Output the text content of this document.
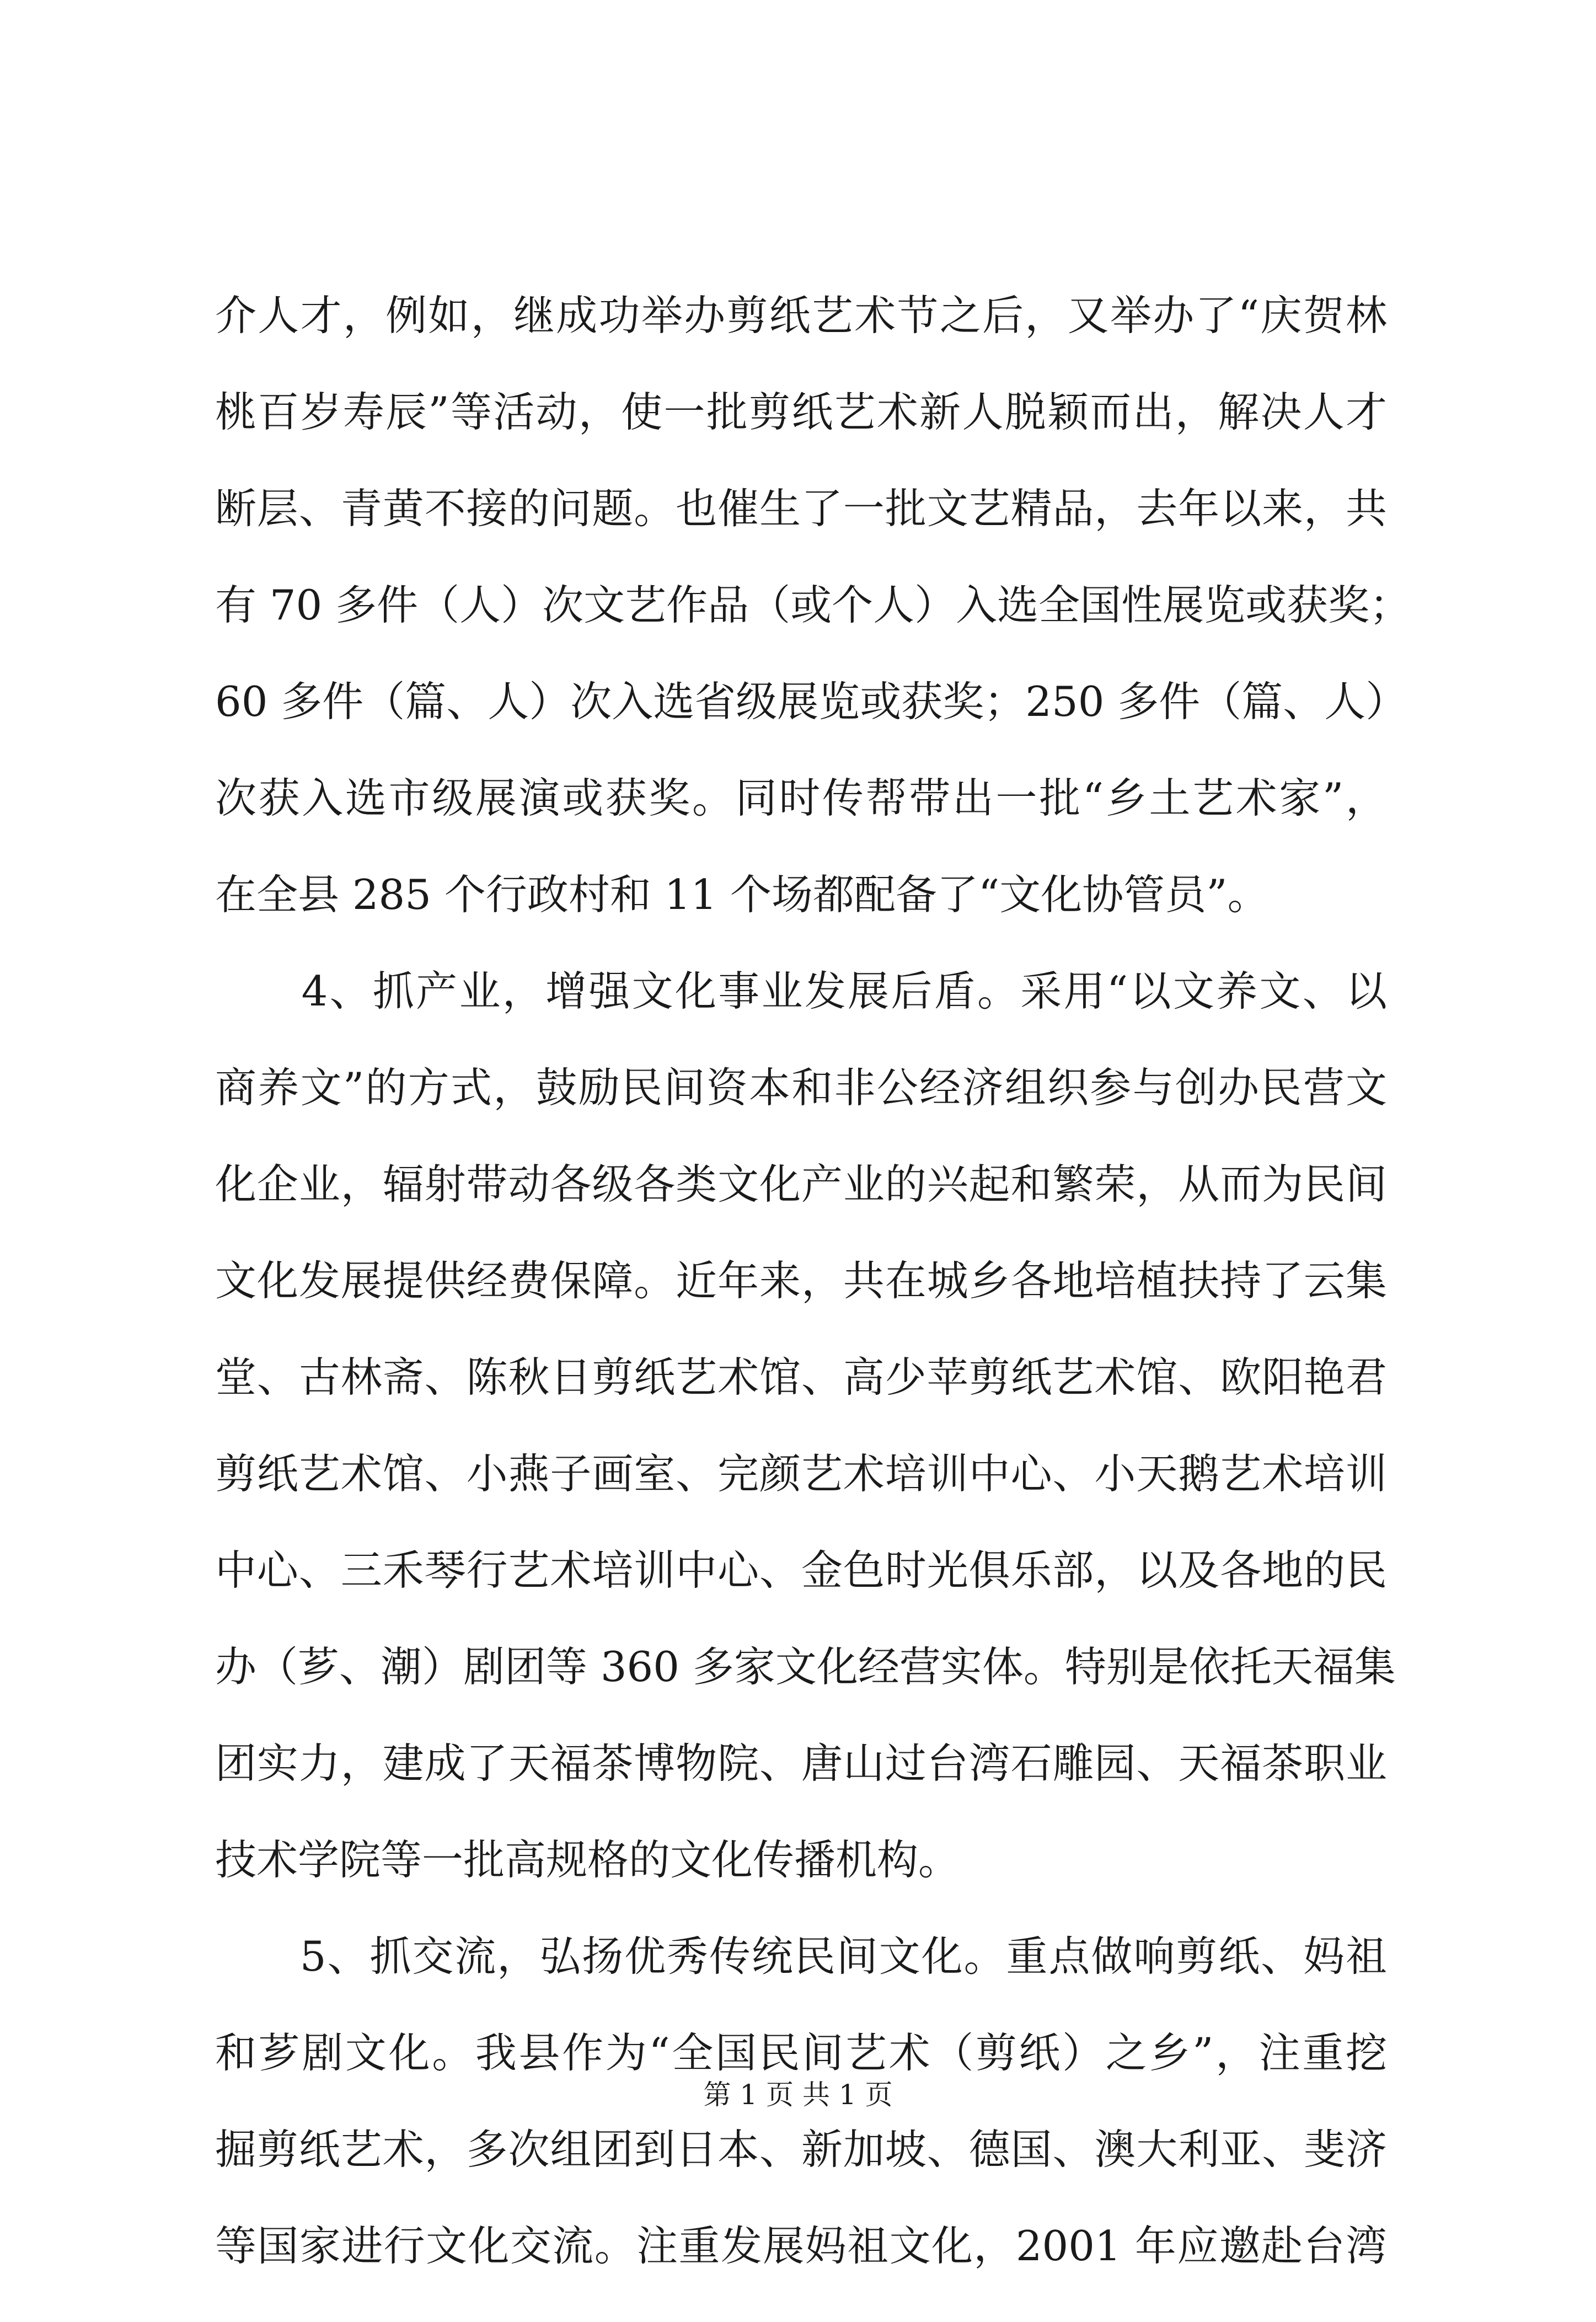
介人才，例如，继成功举办剪纸艺术节之后，又举办了“庆贺林
桃百岁寿辰”等活动，使一批剪纸艺术新人脱颖而出，解决人才
断层、青黄不接的问题。也催生了一批文艺精品，去年以来，共
有 70 多件（人）次文艺作品（或个人）入选全国性展览或获奖；
60 多件（篇、人）次入选省级展览或获奖；250 多件（篇、人）
次获入选市级展演或获奖。同时传帮带出一批“乡土艺术家”，
在全县 285 个行政村和 11 个场都配备了“文化协管员”。
　　4、抓产业，增强文化事业发展后盾。采用“以文养文、以
商养文”的方式，鼓励民间资本和非公经济组织参与创办民营文
化企业，辐射带动各级各类文化产业的兴起和繁荣，从而为民间
文化发展提供经费保障。近年来，共在城乡各地培植扶持了云集
堂、古林斋、陈秋日剪纸艺术馆、高少苹剪纸艺术馆、欧阳艳君
剪纸艺术馆、小燕子画室、完颜艺术培训中心、小天鹅艺术培训
中心、三禾琴行艺术培训中心、金色时光俱乐部，以及各地的民
办（芗、潮）剧团等 360 多家文化经营实体。特别是依托天福集
团实力，建成了天福茶博物院、唐山过台湾石雕园、天福茶职业
技术学院等一批高规格的文化传播机构。
　　5、抓交流，弘扬优秀传统民间文化。重点做响剪纸、妈祖
和芗剧文化。我县作为“全国民间艺术（剪纸）之乡”，注重挖
掘剪纸艺术，多次组团到日本、新加坡、德国、澳大利亚、斐济
等国家进行文化交流。注重发展妈祖文化，2001 年应邀赴台湾
第 1 页 共 1 页
